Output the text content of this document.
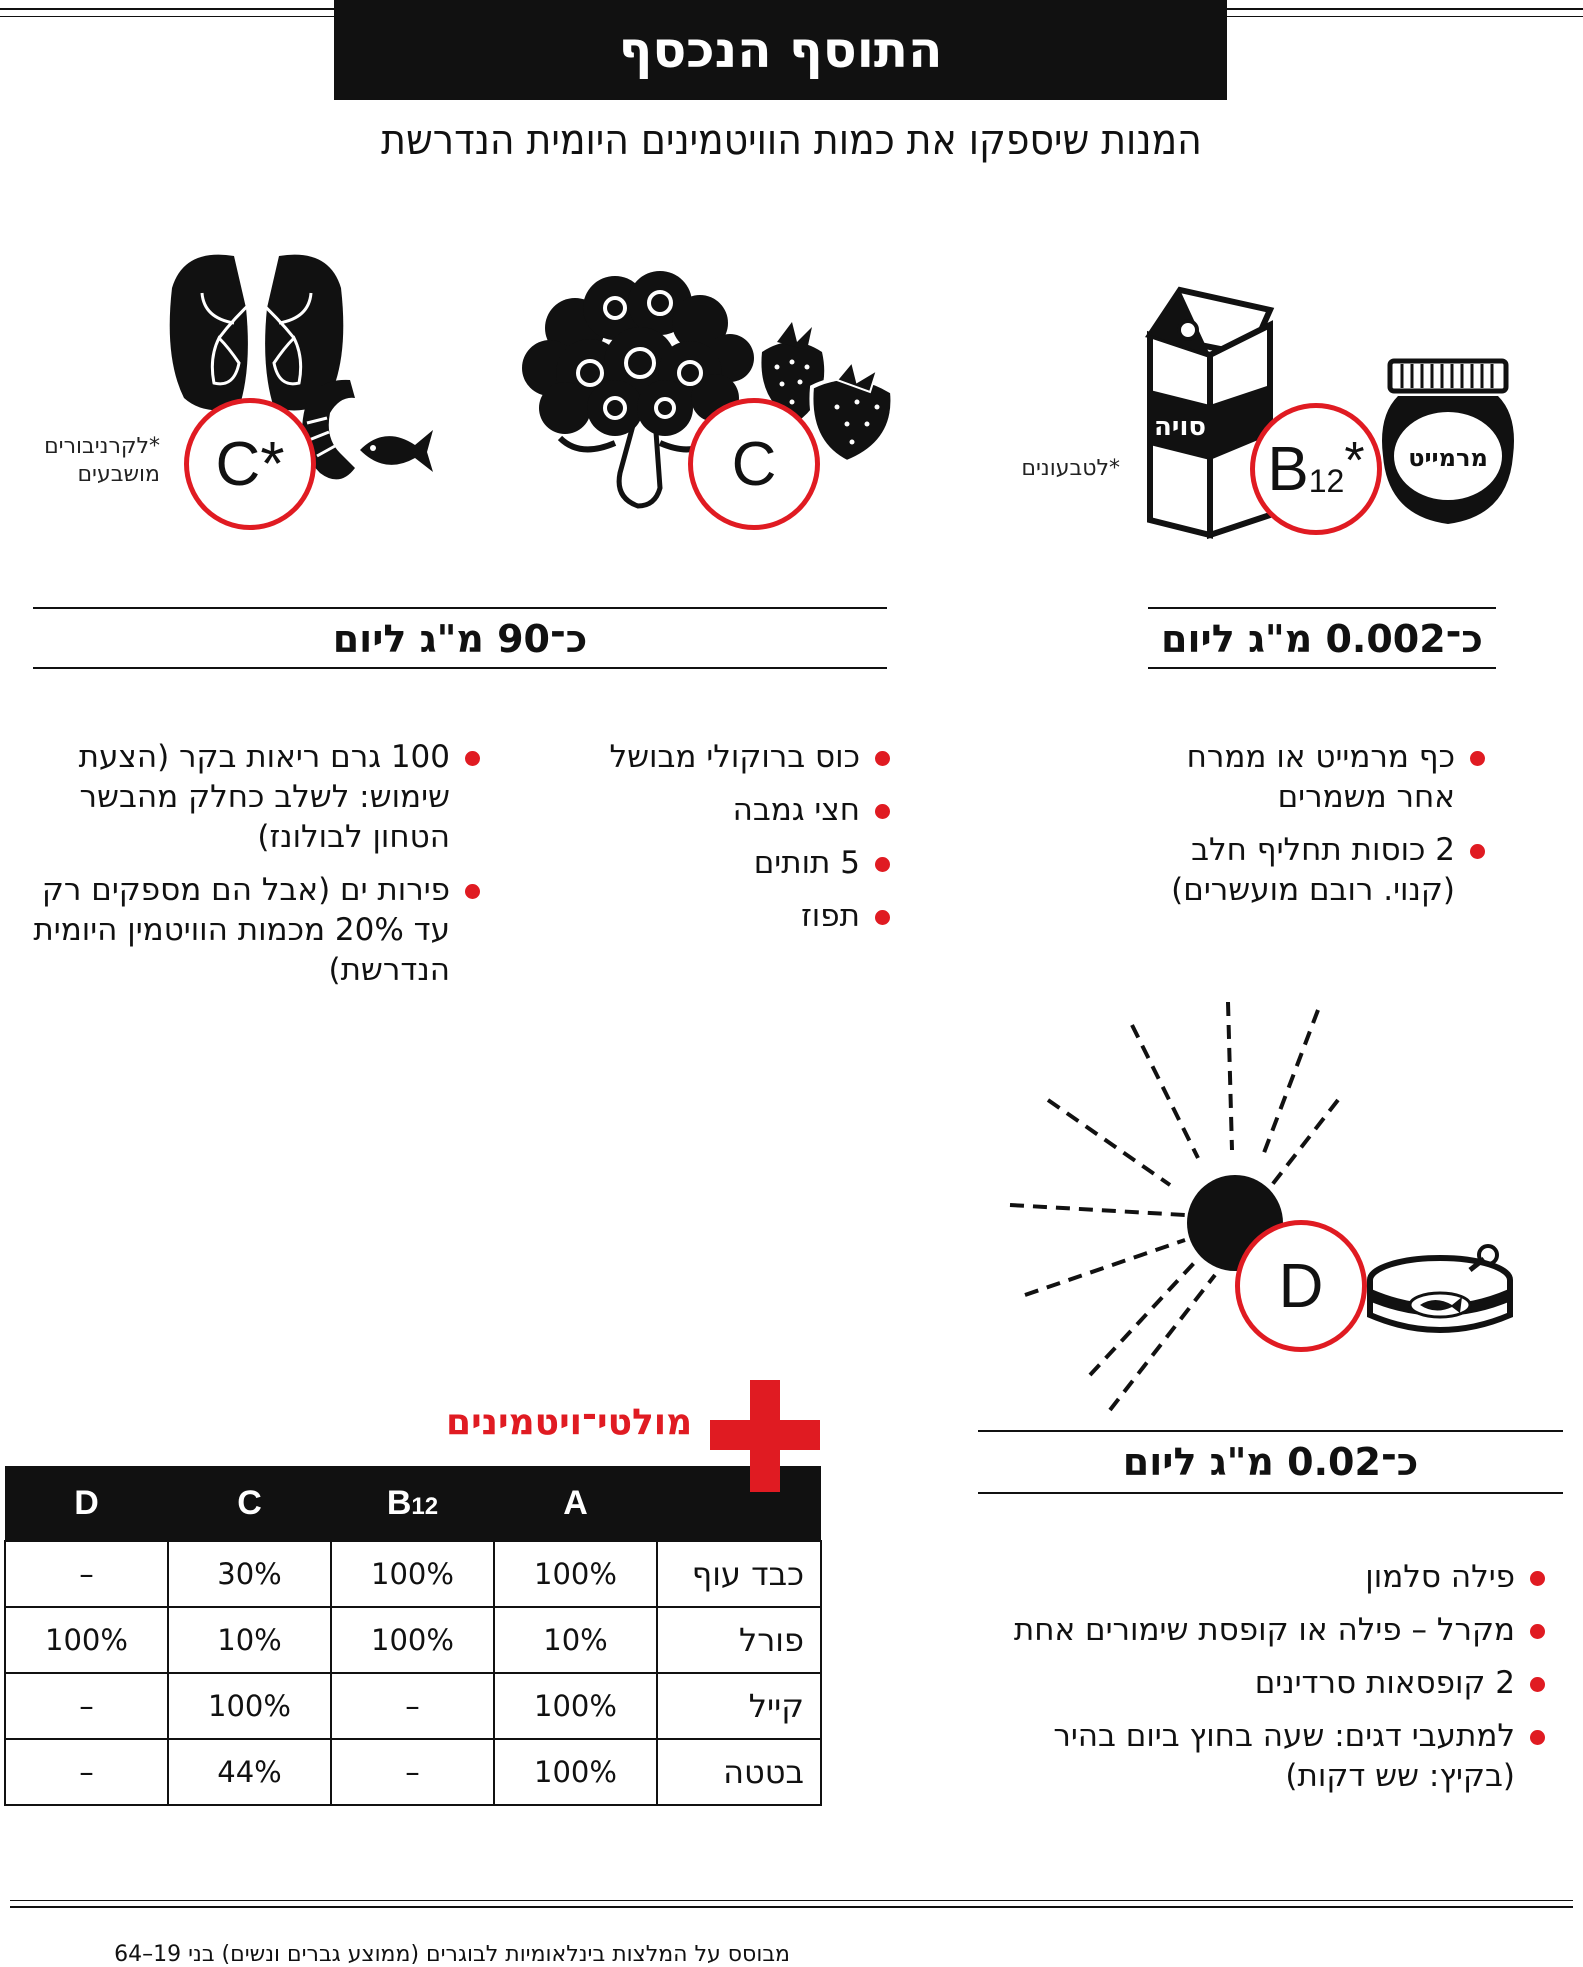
התוסף הנכסף
המנות שיספקו את כמות הוויטמינים היומית הנדרשת
סויה
מרמייט
$B_{12}^*$
*לטבעונים
C
C*
*לקרניבורים מושבעים
כ־0.002 מ"ג ליום
כ־90 מ"ג ליום
כף מרמייט או ממרח אחר משמרים
2 כוסות תחליף חלב (קנוי. רובם מועשרים)
כוס ברוקולי מבושל
חצי גמבה
5 תותים
תפוז
100 גרם ריאות בקר (הצעת שימוש: לשלב כחלק מהבשר הטחון לבולונז)
פירות ים (אבל הם מספקים רק עד 20% מכמות הוויטמין היומית הנדרשת)
D
כ־0.02 מ"ג ליום
פילה סלמון
מקרל – פילה או קופסת שימורים אחת
2 קופסאות סרדינים
למתעבי דגים: שעה בחוץ ביום בהיר (בקיץ: שש דקות)
מולטי־ויטמינים
D	C	B12	A	
–	30%	100%	100%	כבד עוף
100%	10%	100%	10%	פורל
–	100%	–	100%	קייל
–	44%	–	100%	בטטה
מבוסס על המלצות בינלאומיות לבוגרים (ממוצע גברים ונשים) בני 19–64
